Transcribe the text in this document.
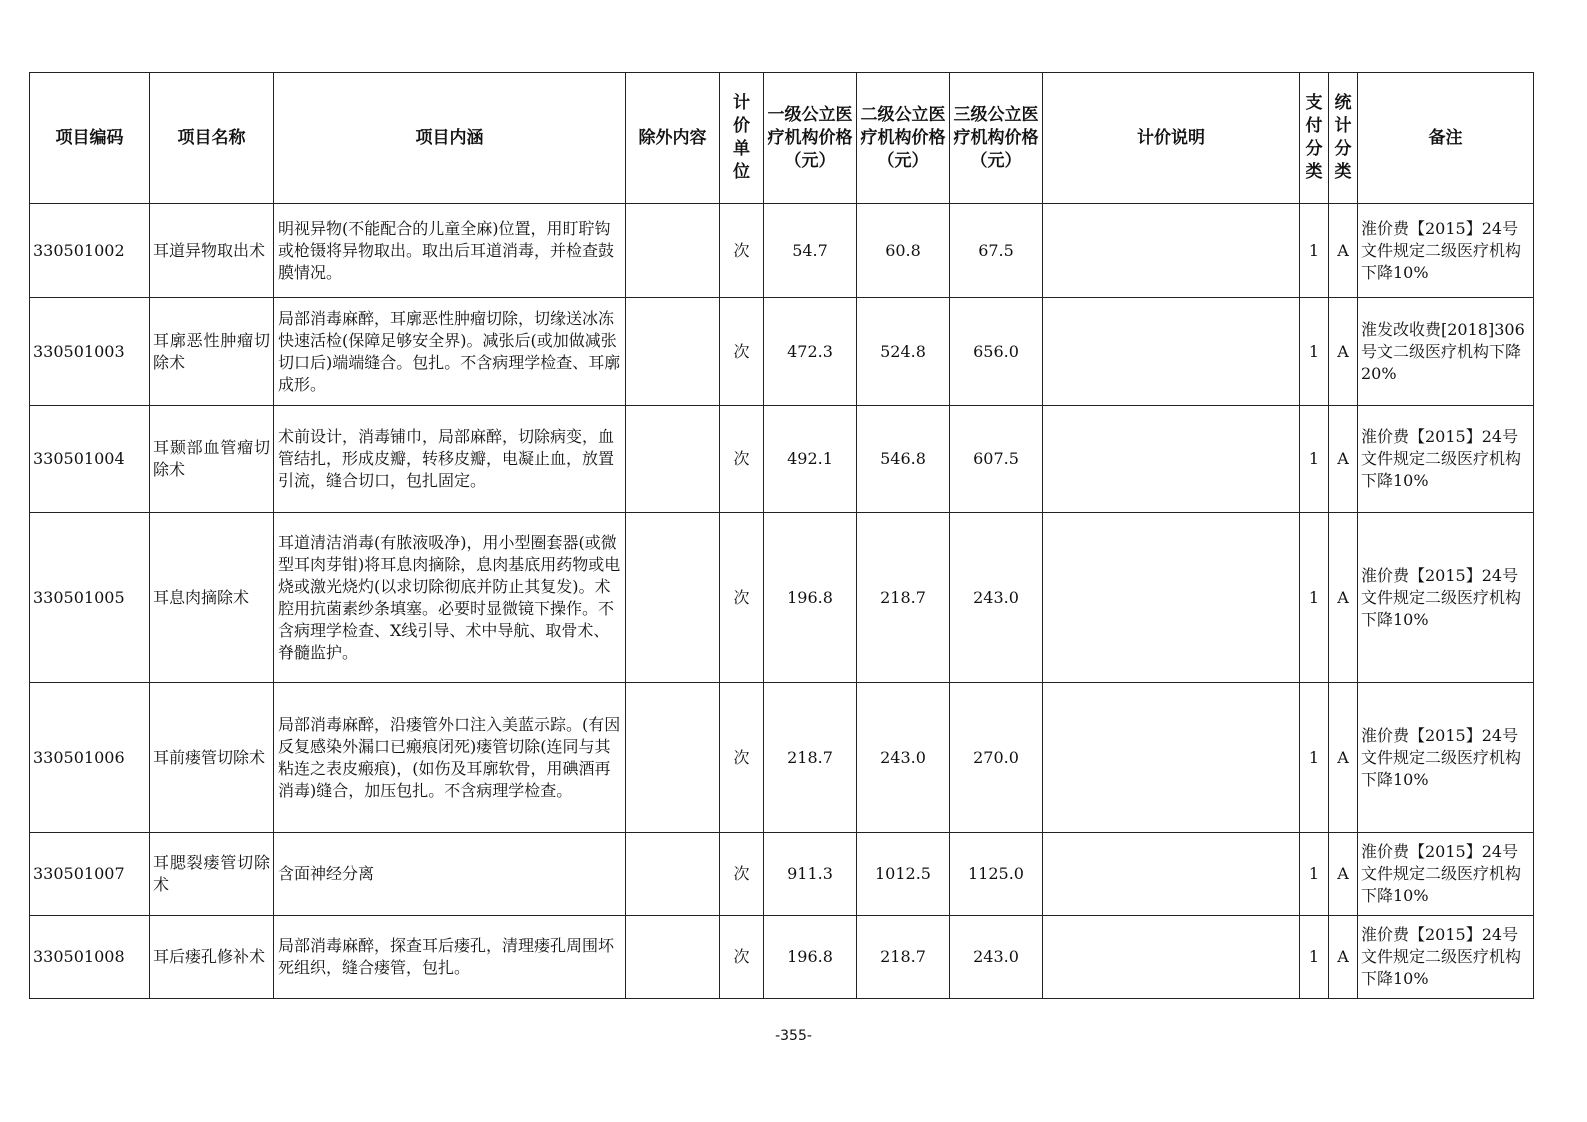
项目编码	项目名称	项目内涵	除外内容	计价单位	一级公立医疗机构价格（元）	二级公立医疗机构价格（元）	三级公立医疗机构价格（元）	计价说明	支付分类	统计分类	备注
330501002	耳道异物取出术	明视异物(不能配合的儿童全麻)位置，用盯聍钩或枪镊将异物取出。取出后耳道消毒，并检查鼓膜情况。		次	54.7	60.8	67.5		1	A	淮价费【2015】24号文件规定二级医疗机构下降10%
330501003	耳廓恶性肿瘤切除术	局部消毒麻醉，耳廓恶性肿瘤切除，切缘送冰冻快速活检(保障足够安全界)。减张后(或加做减张切口后)端端缝合。包扎。不含病理学检查、耳廓成形。		次	472.3	524.8	656.0		1	A	淮发改收费[2018]306号文二级医疗机构下降20%
330501004	耳颞部血管瘤切除术	术前设计，消毒铺巾，局部麻醉，切除病变，血管结扎，形成皮瓣，转移皮瓣，电凝止血，放置引流，缝合切口，包扎固定。		次	492.1	546.8	607.5		1	A	淮价费【2015】24号文件规定二级医疗机构下降10%
330501005	耳息肉摘除术	耳道清洁消毒(有脓液吸净)，用小型圈套器(或微型耳肉芽钳)将耳息肉摘除，息肉基底用药物或电烧或激光烧灼(以求切除彻底并防止其复发)。术腔用抗菌素纱条填塞。必要时显微镜下操作。不含病理学检查、X线引导、术中导航、取骨术、脊髓监护。		次	196.8	218.7	243.0		1	A	淮价费【2015】24号文件规定二级医疗机构下降10%
330501006	耳前瘘管切除术	局部消毒麻醉，沿瘘管外口注入美蓝示踪。(有因反复感染外漏口已瘢痕闭死)瘘管切除(连同与其粘连之表皮瘢痕)，(如伤及耳廓软骨，用碘酒再消毒)缝合，加压包扎。不含病理学检查。		次	218.7	243.0	270.0		1	A	淮价费【2015】24号文件规定二级医疗机构下降10%
330501007	耳腮裂瘘管切除术	含面神经分离		次	911.3	1012.5	1125.0		1	A	淮价费【2015】24号文件规定二级医疗机构下降10%
330501008	耳后瘘孔修补术	局部消毒麻醉，探查耳后瘘孔，清理瘘孔周围坏死组织，缝合瘘管，包扎。		次	196.8	218.7	243.0		1	A	淮价费【2015】24号文件规定二级医疗机构下降10%
-355-
